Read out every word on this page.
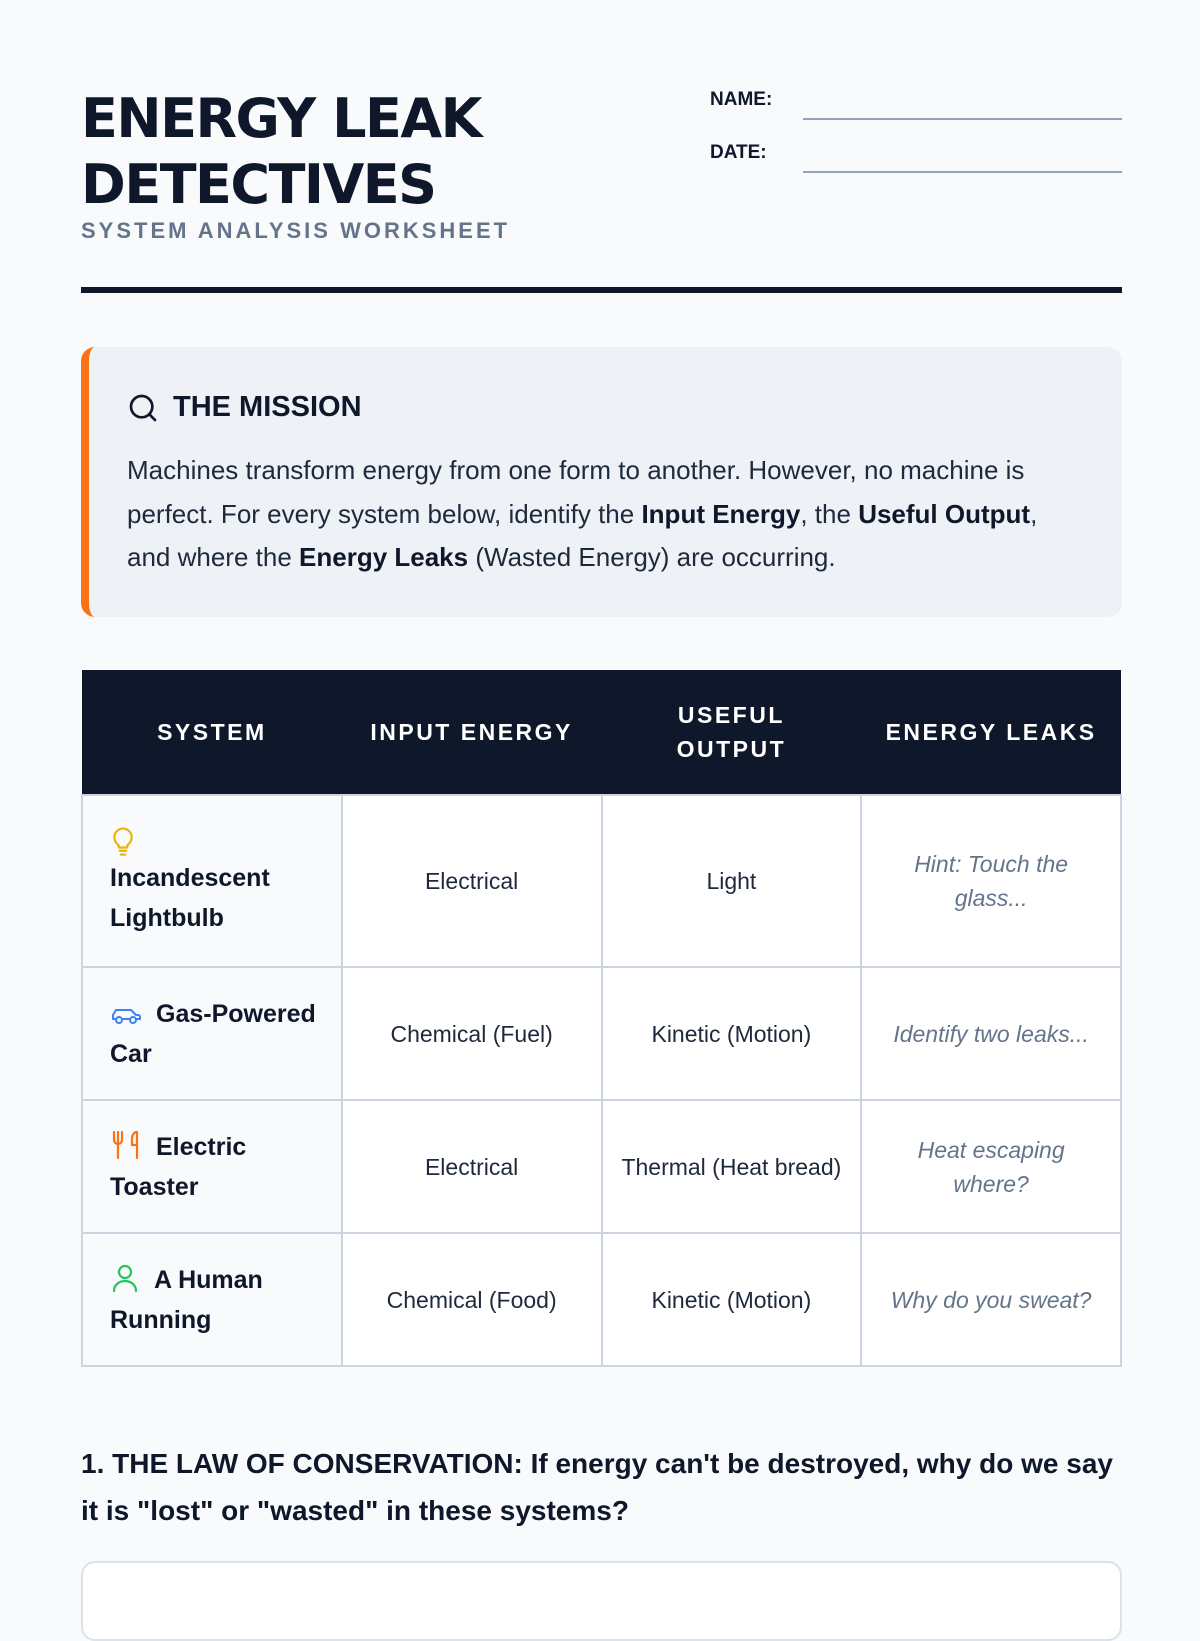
ENERGY LEAK
DETECTIVES
SYSTEM ANALYSIS WORKSHEET
NAME:
DATE:
THE MISSION
Machines transform energy from one form to another. However, no machine is perfect. For every system below, identify the Input Energy, the Useful Output, and where the Energy Leaks (Wasted Energy) are occurring.
SYSTEM	INPUT ENERGY	USEFUL OUTPUT	ENERGY LEAKS

Incandescent Lightbulb	Electrical	Light	Hint: Touch the glass...

Gas-Powered Car	Chemical (Fuel)	Kinetic (Motion)	Identify two leaks...

Electric Toaster	Electrical	Thermal (Heat bread)	Heat escaping where?

A Human Running	Chemical (Food)	Kinetic (Motion)	Why do you sweat?

1. THE LAW OF CONSERVATION: If energy can't be destroyed, why do we say it is "lost" or "wasted" in these systems?
